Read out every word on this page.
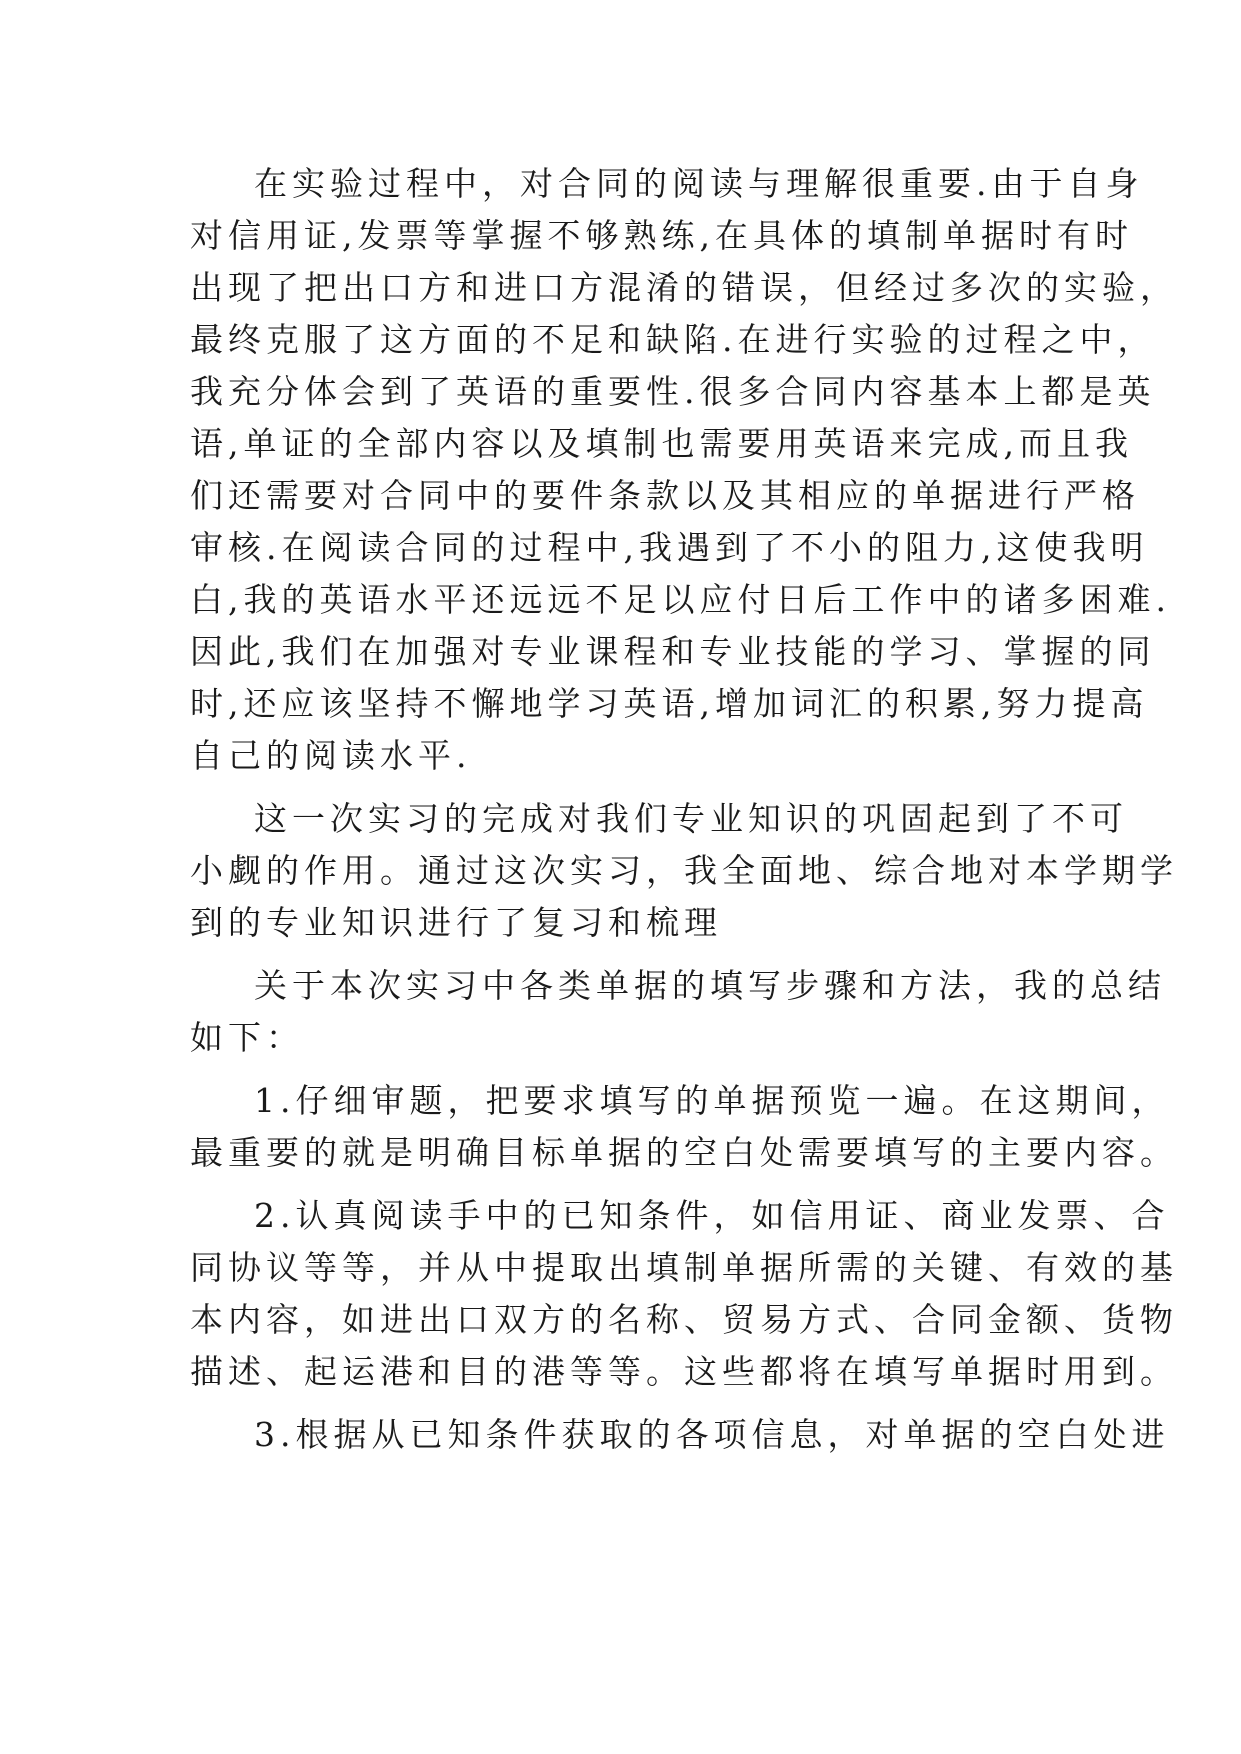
在实验过程中，对合同的阅读与理解很重要.由于自身
对信用证,发票等掌握不够熟练,在具体的填制单据时有时
出现了把出口方和进口方混淆的错误，但经过多次的实验，
最终克服了这方面的不足和缺陷.在进行实验的过程之中，
我充分体会到了英语的重要性.很多合同内容基本上都是英
语,单证的全部内容以及填制也需要用英语来完成,而且我
们还需要对合同中的要件条款以及其相应的单据进行严格
审核.在阅读合同的过程中,我遇到了不小的阻力,这使我明
白,我的英语水平还远远不足以应付日后工作中的诸多困难.
因此,我们在加强对专业课程和专业技能的学习、掌握的同
时,还应该坚持不懈地学习英语,增加词汇的积累,努力提高
自己的阅读水平.
这一次实习的完成对我们专业知识的巩固起到了不可
小觑的作用。通过这次实习，我全面地、综合地对本学期学
到的专业知识进行了复习和梳理
关于本次实习中各类单据的填写步骤和方法，我的总结
如下：
1.仔细审题，把要求填写的单据预览一遍。在这期间，
最重要的就是明确目标单据的空白处需要填写的主要内容。
2.认真阅读手中的已知条件，如信用证、商业发票、合
同协议等等，并从中提取出填制单据所需的关键、有效的基
本内容，如进出口双方的名称、贸易方式、合同金额、货物
描述、起运港和目的港等等。这些都将在填写单据时用到。
3.根据从已知条件获取的各项信息，对单据的空白处进
